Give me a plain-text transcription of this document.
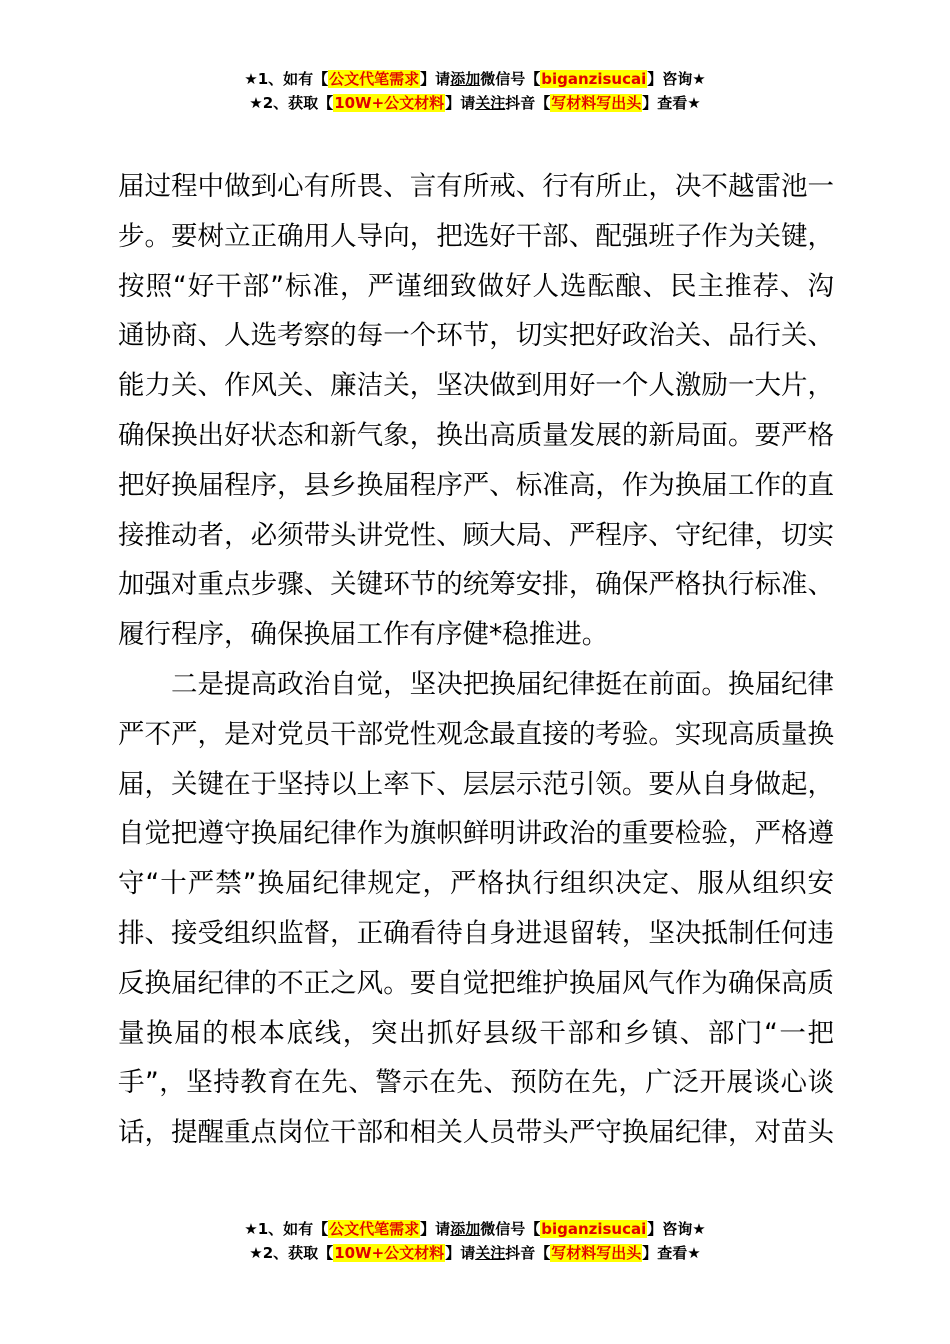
★1、如有【公文代笔需求】请添加微信号【biganzisucai】咨询★
★2、获取【10W+公文材料】请关注抖音【写材料写出头】查看★
届过程中做到心有所畏、言有所戒、行有所止，决不越雷池一
步。要树立正确用人导向，把选好干部、配强班子作为关键，
按照“好干部”标准，严谨细致做好人选酝酿、民主推荐、沟
通协商、人选考察的每一个环节，切实把好政治关、品行关、
能力关、作风关、廉洁关，坚决做到用好一个人激励一大片，
确保换出好状态和新气象，换出高质量发展的新局面。要严格
把好换届程序，县乡换届程序严、标准高，作为换届工作的直
接推动者，必须带头讲党性、顾大局、严程序、守纪律，切实
加强对重点步骤、关键环节的统筹安排，确保严格执行标准、
履行程序，确保换届工作有序健*稳推进。
二是提高政治自觉，坚决把换届纪律挺在前面。换届纪律
严不严，是对党员干部党性观念最直接的考验。实现高质量换
届，关键在于坚持以上率下、层层示范引领。要从自身做起，
自觉把遵守换届纪律作为旗帜鲜明讲政治的重要检验，严格遵
守“十严禁”换届纪律规定，严格执行组织决定、服从组织安
排、接受组织监督，正确看待自身进退留转，坚决抵制任何违
反换届纪律的不正之风。要自觉把维护换届风气作为确保高质
量换届的根本底线，突出抓好县级干部和乡镇、部门“一把
手”，坚持教育在先、警示在先、预防在先，广泛开展谈心谈
话，提醒重点岗位干部和相关人员带头严守换届纪律，对苗头
★1、如有【公文代笔需求】请添加微信号【biganzisucai】咨询★
★2、获取【10W+公文材料】请关注抖音【写材料写出头】查看★
